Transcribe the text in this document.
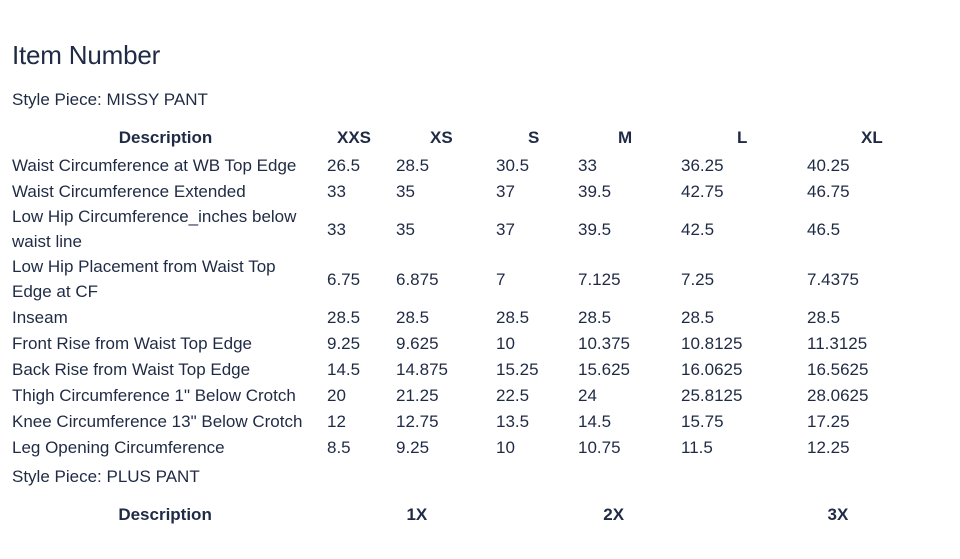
Item Number

Style Piece: MISSY PANT

Description	XXS	XS	S	M	L	XL
Waist Circumference at WB Top Edge	26.5	28.5	30.5	33	36.25	40.25
Waist Circumference Extended	33	35	37	39.5	42.75	46.75
Low Hip Circumference_inches below waist line	33	35	37	39.5	42.5	46.5
Low Hip Placement from Waist Top Edge at CF	6.75	6.875	7	7.125	7.25	7.4375
Inseam	28.5	28.5	28.5	28.5	28.5	28.5
Front Rise from Waist Top Edge	9.25	9.625	10	10.375	10.8125	11.3125
Back Rise from Waist Top Edge	14.5	14.875	15.25	15.625	16.0625	16.5625
Thigh Circumference 1" Below Crotch	20	21.25	22.5	24	25.8125	28.0625
Knee Circumference 13" Below Crotch	12	12.75	13.5	14.5	15.75	17.25
Leg Opening Circumference	8.5	9.25	10	10.75	11.5	12.25

Style Piece: PLUS PANT

Description	1X	2X	3X
